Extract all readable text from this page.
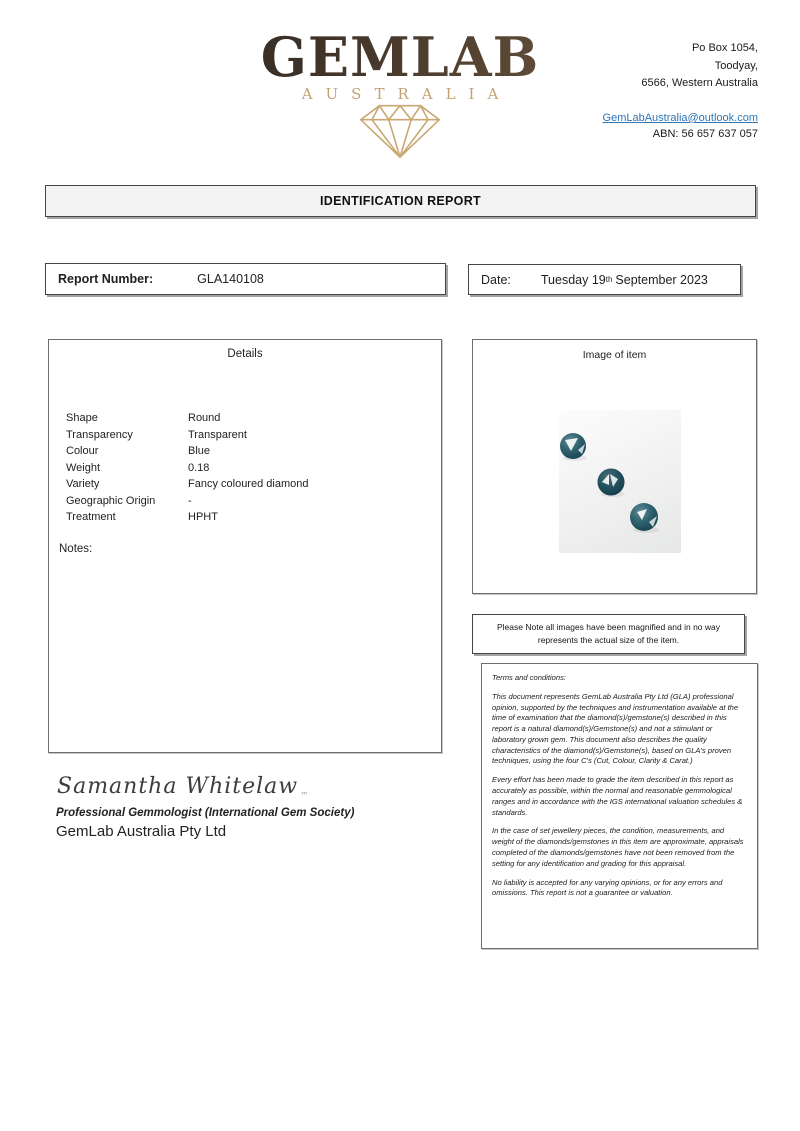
GEMLAB
AUSTRALIA
Po Box 1054,
Toodyay,
6566, Western Australia
GemLabAustralia@outlook.com
ABN: 56 657 637 057
IDENTIFICATION REPORT
Report Number:	GLA140108	Date: Tuesday 19 th September 2023
Details
Shape	Round
Transparency	Transparent
Colour	Blue
Weight	0.18
Variety	Fancy coloured diamond
Geographic Origin	-
Treatment	HPHT
Notes:
Image of item
Please Note all images have been magnified and in no way represents the actual size of the item.
Terms and conditions:

This document represents GemLab Australia Pty Ltd (GLA) professional opinion, supported by the techniques and instrumentation available at the time of examination that the diamond(s)/gemstone(s) described in this report is a natural diamond(s)/Gemstone(s) and not a stimulant or laboratory grown gem. This document also describes the quality characteristics of the diamond(s)/Gemstone(s), based on GLA's proven techniques, using the four C's (Cut, Colour, Clarity & Carat.)

Every effort has been made to grade the item described in this report as accurately as possible, within the normal and reasonable gemmological ranges and in accordance with the IGS international valuation schedules & standards.

In the case of set jewellery pieces, the condition, measurements, and weight of the diamonds/gemstones in this item are approximate, appraisals completed of the diamonds/gemstones have not been removed from the setting for any identification and grading for this appraisal.

No liability is accepted for any varying opinions, or for any errors and omissions. This report is not a guarantee or valuation.

Samantha Whitelaw $_™$
Professional Gemmologist (International Gem Society)
GemLab Australia Pty Ltd
